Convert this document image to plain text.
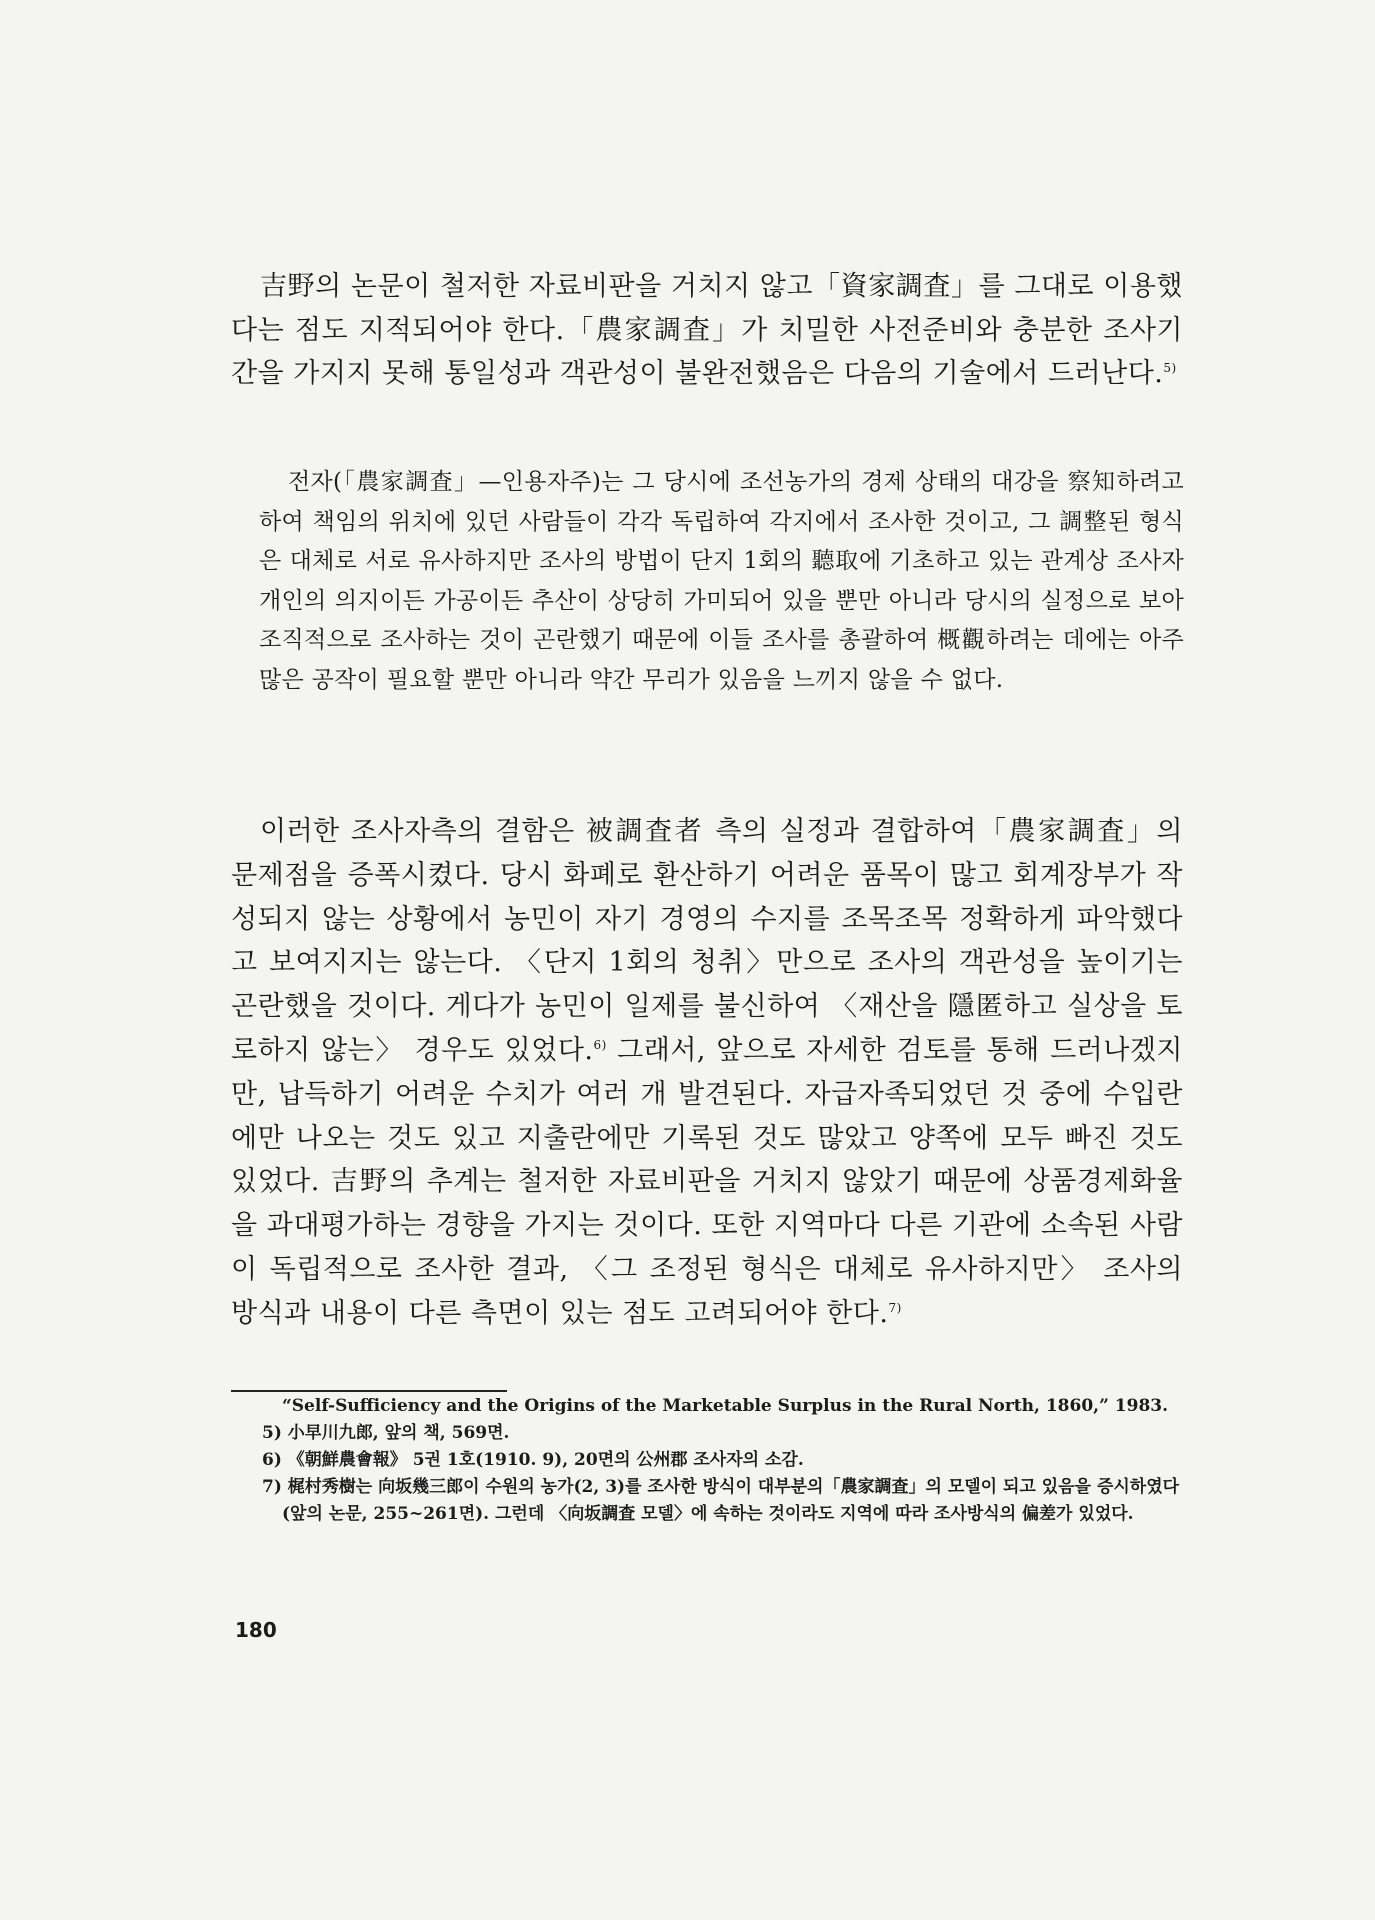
吉野의 논문이 철저한 자료비판을 거치지 않고「資家調査」를 그대로 이용했다는 점도 지적되어야 한다.「農家調査」가 치밀한 사전준비와 충분한 조사기간을 가지지 못해 통일성과 객관성이 불완전했음은 다음의 기술에서 드러난다.$^{5)}$

전자(「農家調査」—인용자주)는 그 당시에 조선농가의 경제 상태의 대강을 察知하려고 하여 책임의 위치에 있던 사람들이 각각 독립하여 각지에서 조사한 것이고, 그 調整된 형식은 대체로 서로 유사하지만 조사의 방법이 단지 1회의 聽取에 기초하고 있는 관계상 조사자 개인의 의지이든 가공이든 추산이 상당히 가미되어 있을 뿐만 아니라 당시의 실정으로 보아 조직적으로 조사하는 것이 곤란했기 때문에 이들 조사를 총괄하여 概觀하려는 데에는 아주 많은 공작이 필요할 뿐만 아니라 약간 무리가 있음을 느끼지 않을 수 없다.

이러한 조사자측의 결함은 被調査者 측의 실정과 결합하여「農家調査」의 문제점을 증폭시켰다. 당시 화폐로 환산하기 어려운 품목이 많고 회계장부가 작성되지 않는 상황에서 농민이 자기 경영의 수지를 조목조목 정확하게 파악했다고 보여지지는 않는다. 〈단지 1회의 청취〉만으로 조사의 객관성을 높이기는 곤란했을 것이다. 게다가 농민이 일제를 불신하여 〈재산을 隱匿하고 실상을 토로하지 않는〉 경우도 있었다.$^{6)}$ 그래서, 앞으로 자세한 검토를 통해 드러나겠지만, 납득하기 어려운 수치가 여러 개 발견된다. 자급자족되었던 것 중에 수입란에만 나오는 것도 있고 지출란에만 기록된 것도 많았고 양쪽에 모두 빠진 것도 있었다. 吉野의 추계는 철저한 자료비판을 거치지 않았기 때문에 상품경제화율을 과대평가하는 경향을 가지는 것이다. 또한 지역마다 다른 기관에 소속된 사람이 독립적으로 조사한 결과, 〈그 조정된 형식은 대체로 유사하지만〉 조사의 방식과 내용이 다른 측면이 있는 점도 고려되어야 한다.$^{7)}$

“Self-Sufficiency and the Origins of the Marketable Surplus in the Rural North, 1860,” 1983.

5) 小早川九郎, 앞의 책, 569면.

6) 《朝鮮農會報》 5권 1호(1910. 9), 20면의 公州郡 조사자의 소감.

7) 梶村秀樹는 向坂幾三郎이 수원의 농가(2, 3)를 조사한 방식이 대부분의「農家調査」의 모델이 되고 있음을 증시하였다(앞의 논문, 255~261면). 그런데 〈向坂調査 모델〉에 속하는 것이라도 지역에 따라 조사방식의 偏差가 있었다.

180
